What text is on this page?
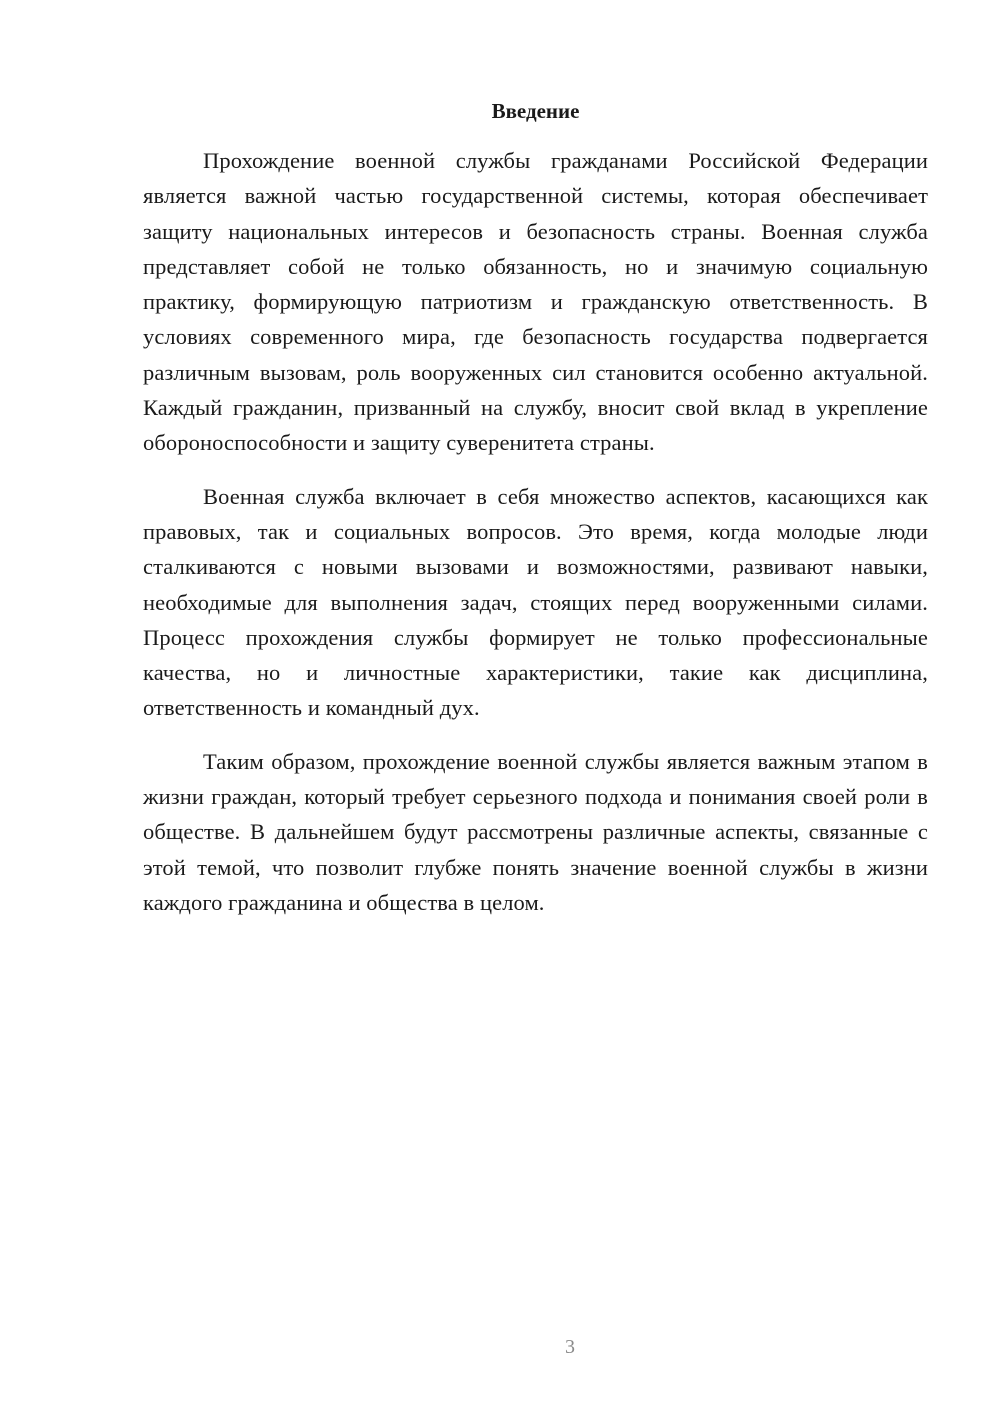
Введение

Прохождение военной службы гражданами Российской Федерации является важной частью государственной системы, которая обеспечивает защиту национальных интересов и безопасность страны. Военная служба представляет собой не только обязанность, но и значимую социальную практику, формирующую патриотизм и гражданскую ответственность. В условиях современного мира, где безопасность государства подвергается различным вызовам, роль вооруженных сил становится особенно актуальной. Каждый гражданин, призванный на службу, вносит свой вклад в укрепление обороноспособности и защиту суверенитета страны.

Военная служба включает в себя множество аспектов, касающихся как правовых, так и социальных вопросов. Это время, когда молодые люди сталкиваются с новыми вызовами и возможностями, развивают навыки, необходимые для выполнения задач, стоящих перед вооруженными силами. Процесс прохождения службы формирует не только профессиональные качества, но и личностные характеристики, такие как дисциплина, ответственность и командный дух.

Таким образом, прохождение военной службы является важным этапом в жизни граждан, который требует серьезного подхода и понимания своей роли в обществе. В дальнейшем будут рассмотрены различные аспекты, связанные с этой темой, что позволит глубже понять значение военной службы в жизни каждого гражданина и общества в целом.

3
